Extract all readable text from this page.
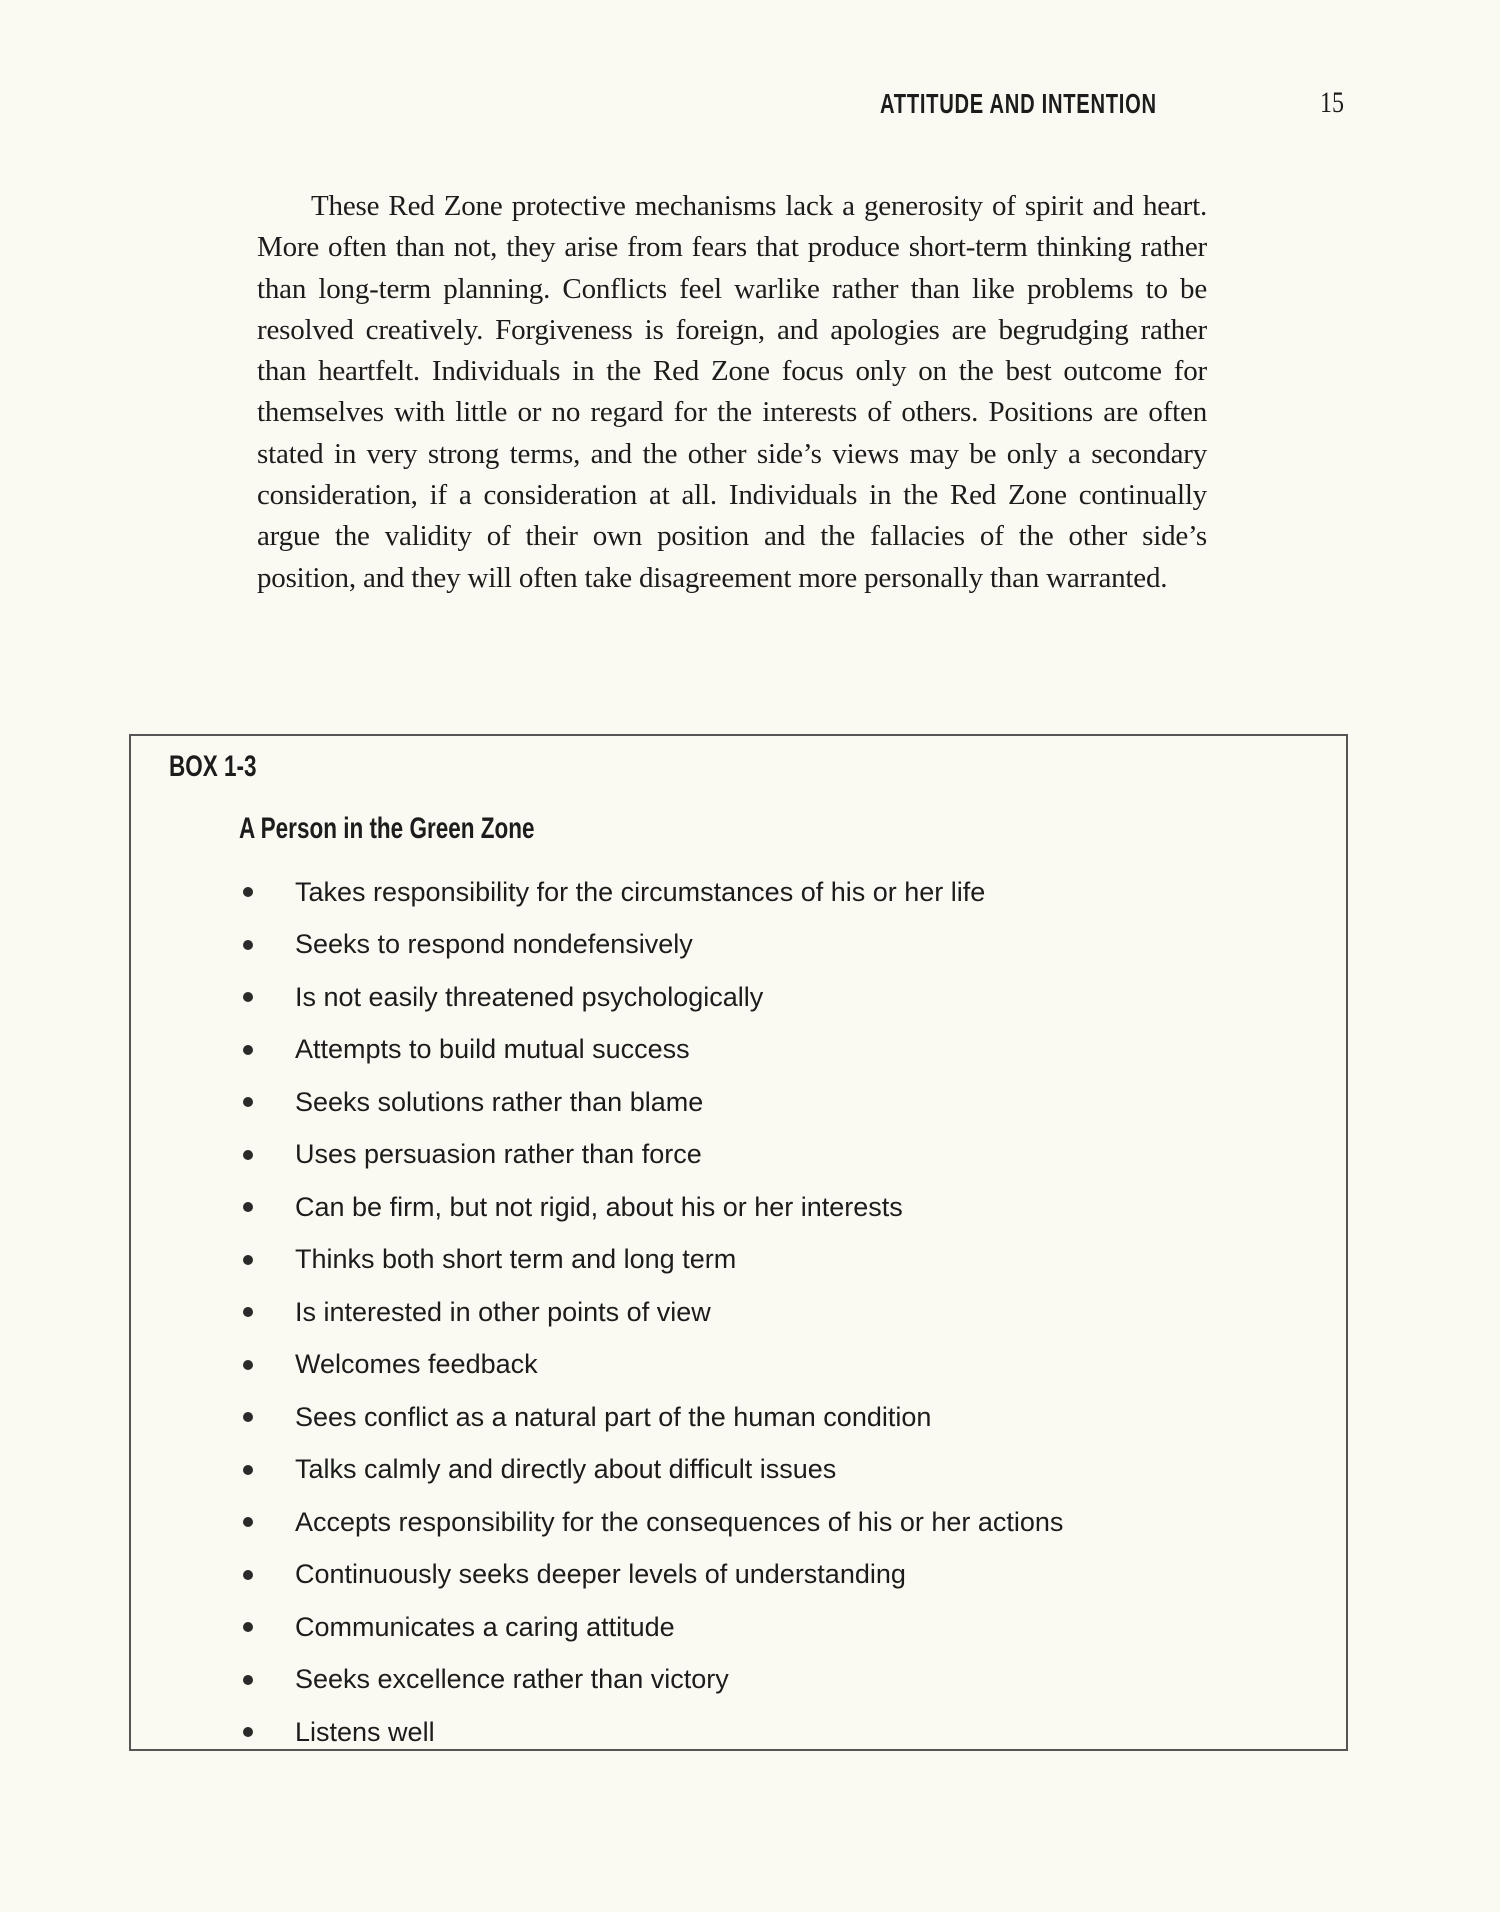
ATTITUDE AND INTENTION	15

These Red Zone protective mechanisms lack a generosity of spirit and heart. More often than not, they arise from fears that produce short-term thinking rather than long-term planning. Conflicts feel warlike rather than like problems to be resolved creatively. Forgiveness is foreign, and apologies are begrudging rather than heartfelt. Individuals in the Red Zone focus only on the best outcome for themselves with little or no regard for the interests of others. Positions are often stated in very strong terms, and the other side’s views may be only a secondary consideration, if a consideration at all. Individuals in the Red Zone continually argue the validity of their own position and the fallacies of the other side’s position, and they will often take disagreement more personally than warranted.

BOX 1-3
A Person in the Green Zone
Takes responsibility for the circumstances of his or her life
Seeks to respond nondefensively
Is not easily threatened psychologically
Attempts to build mutual success
Seeks solutions rather than blame
Uses persuasion rather than force
Can be firm, but not rigid, about his or her interests
Thinks both short term and long term
Is interested in other points of view
Welcomes feedback
Sees conflict as a natural part of the human condition
Talks calmly and directly about difficult issues
Accepts responsibility for the consequences of his or her actions
Continuously seeks deeper levels of understanding
Communicates a caring attitude
Seeks excellence rather than victory
Listens well
